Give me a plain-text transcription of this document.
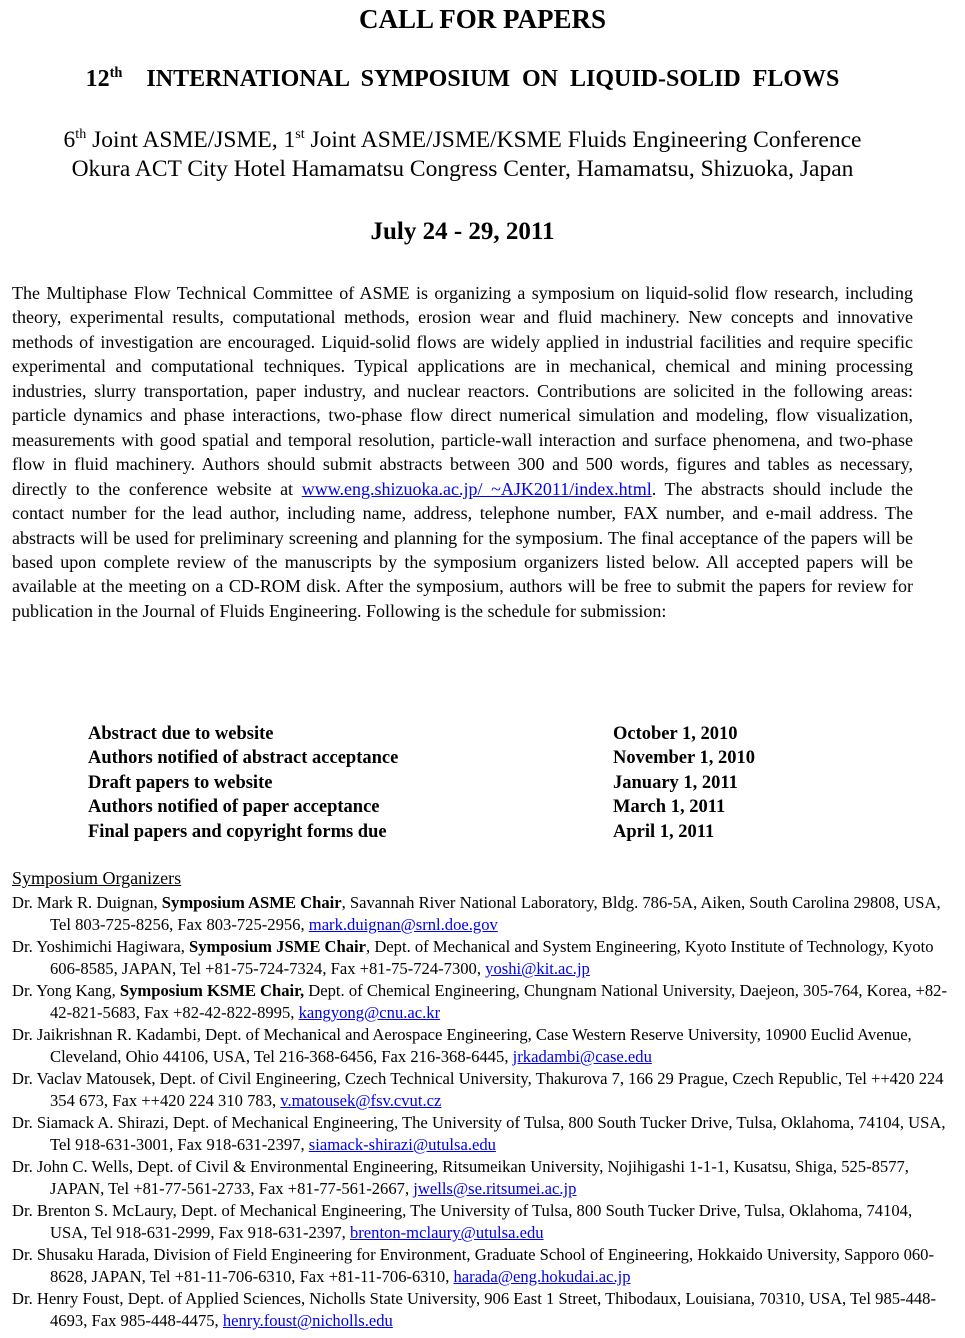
CALL FOR PAPERS
12th INTERNATIONAL SYMPOSIUM ON LIQUID-SOLID FLOWS
6th Joint ASME/JSME, 1st Joint ASME/JSME/KSME Fluids Engineering Conference
Okura ACT City Hotel Hamamatsu Congress Center, Hamamatsu, Shizuoka, Japan
July 24 - 29, 2011
The Multiphase Flow Technical Committee of ASME is organizing a symposium on liquid-solid flow research, including theory, experimental results, computational methods, erosion wear and fluid machinery. New concepts and innovative methods of investigation are encouraged. Liquid-solid flows are widely applied in industrial facilities and require specific experimental and computational techniques. Typical applications are in mechanical, chemical and mining processing industries, slurry transportation, paper industry, and nuclear reactors. Contributions are solicited in the following areas: particle dynamics and phase interactions, two-phase flow direct numerical simulation and modeling, flow visualization, measurements with good spatial and temporal resolution, particle-wall interaction and surface phenomena, and two-phase flow in fluid machinery. Authors should submit abstracts between 300 and 500 words, figures and tables as necessary, directly to the conference website at www.eng.shizuoka.ac.jp/ ~AJK2011/index.html. The abstracts should include the contact number for the lead author, including name, address, telephone number, FAX number, and e-mail address. The abstracts will be used for preliminary screening and planning for the symposium. The final acceptance of the papers will be based upon complete review of the manuscripts by the symposium organizers listed below. All accepted papers will be available at the meeting on a CD-ROM disk. After the symposium, authors will be free to submit the papers for review for publication in the Journal of Fluids Engineering. Following is the schedule for submission:
Abstract due to website	October 1, 2010
Authors notified of abstract acceptance	November 1, 2010
Draft papers to website	January 1, 2011
Authors notified of paper acceptance	March 1, 2011
Final papers and copyright forms due	April 1, 2011
Symposium Organizers
Dr. Mark R. Duignan, Symposium ASME Chair, Savannah River National Laboratory, Bldg. 786-5A, Aiken, South Carolina 29808, USA, Tel 803-725-8256, Fax 803-725-2956, mark.duignan@srnl.doe.gov
Dr. Yoshimichi Hagiwara, Symposium JSME Chair, Dept. of Mechanical and System Engineering, Kyoto Institute of Technology, Kyoto 606-8585, JAPAN, Tel +81-75-724-7324, Fax +81-75-724-7300, yoshi@kit.ac.jp
Dr. Yong Kang, Symposium KSME Chair, Dept. of Chemical Engineering, Chungnam National University, Daejeon, 305-764, Korea, +82-42-821-5683, Fax +82-42-822-8995, kangyong@cnu.ac.kr
Dr. Jaikrishnan R. Kadambi, Dept. of Mechanical and Aerospace Engineering, Case Western Reserve University, 10900 Euclid Avenue, Cleveland, Ohio 44106, USA, Tel 216-368-6456, Fax 216-368-6445, jrkadambi@case.edu
Dr. Vaclav Matousek, Dept. of Civil Engineering, Czech Technical University, Thakurova 7, 166 29 Prague, Czech Republic, Tel ++420 224 354 673, Fax ++420 224 310 783, v.matousek@fsv.cvut.cz
Dr. Siamack A. Shirazi, Dept. of Mechanical Engineering, The University of Tulsa, 800 South Tucker Drive, Tulsa, Oklahoma, 74104, USA, Tel 918-631-3001, Fax 918-631-2397, siamack-shirazi@utulsa.edu
Dr. John C. Wells, Dept. of Civil & Environmental Engineering, Ritsumeikan University, Nojihigashi 1-1-1, Kusatsu, Shiga, 525-8577, JAPAN, Tel +81-77-561-2733, Fax +81-77-561-2667, jwells@se.ritsumei.ac.jp
Dr. Brenton S. McLaury, Dept. of Mechanical Engineering, The University of Tulsa, 800 South Tucker Drive, Tulsa, Oklahoma, 74104, USA, Tel 918-631-2999, Fax 918-631-2397, brenton-mclaury@utulsa.edu
Dr. Shusaku Harada, Division of Field Engineering for Environment, Graduate School of Engineering, Hokkaido University, Sapporo 060-8628, JAPAN, Tel +81-11-706-6310, Fax +81-11-706-6310, harada@eng.hokudai.ac.jp
Dr. Henry Foust, Dept. of Applied Sciences, Nicholls State University, 906 East 1 Street, Thibodaux, Louisiana, 70310, USA, Tel 985-448-4693, Fax 985-448-4475, henry.foust@nicholls.edu
